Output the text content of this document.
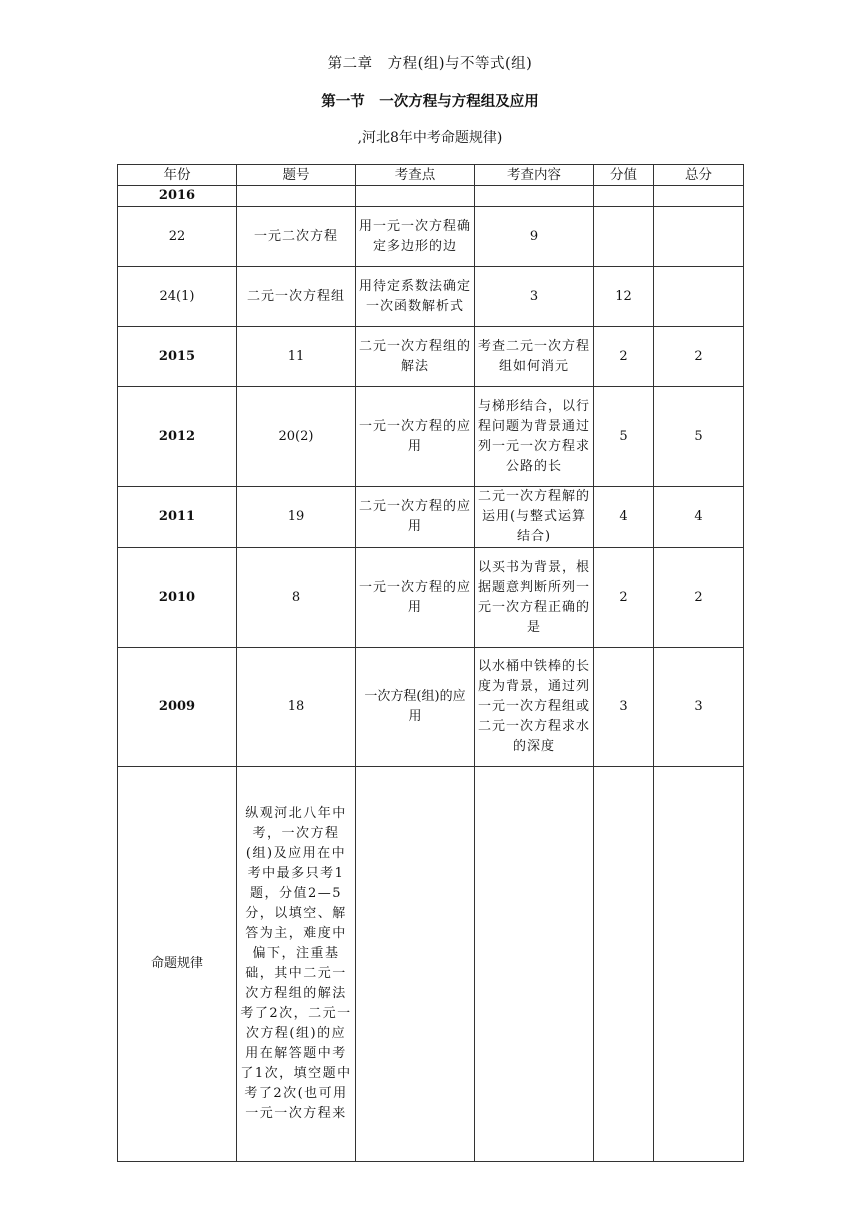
第二章　方程(组)与不等式(组)
第一节　一次方程与方程组及应用
,河北8年中考命题规律)
年份	题号	考查点	考查内容	分值	总分
2016					
22	一元二次方程	用一元一次方程确定多边形的边	9		
24(1)	二元一次方程组	用待定系数法确定一次函数解析式	3	12	
2015	11	二元一次方程组的解法	考查二元一次方程组如何消元	2	2
2012	20(2)	一元一次方程的应用	与梯形结合，以行程问题为背景通过列一元一次方程求公路的长	5	5
2011	19	二元一次方程的应用	二元一次方程解的运用(与整式运算结合)	4	4
2010	8	一元一次方程的应用	以买书为背景，根据题意判断所列一元一次方程正确的是	2	2
2009	18	一次方程(组)的应用	以水桶中铁棒的长度为背景，通过列一元一次方程组或二元一次方程求水的深度	3	3
命题规律	纵观河北八年中考，一次方程(组)及应用在中考中最多只考1题，分值2—5分，以填空、解答为主，难度中偏下，注重基础，其中二元一次方程组的解法考了2次，二元一次方程(组)的应用在解答题中考了1次，填空题中考了2次(也可用一元一次方程来				
